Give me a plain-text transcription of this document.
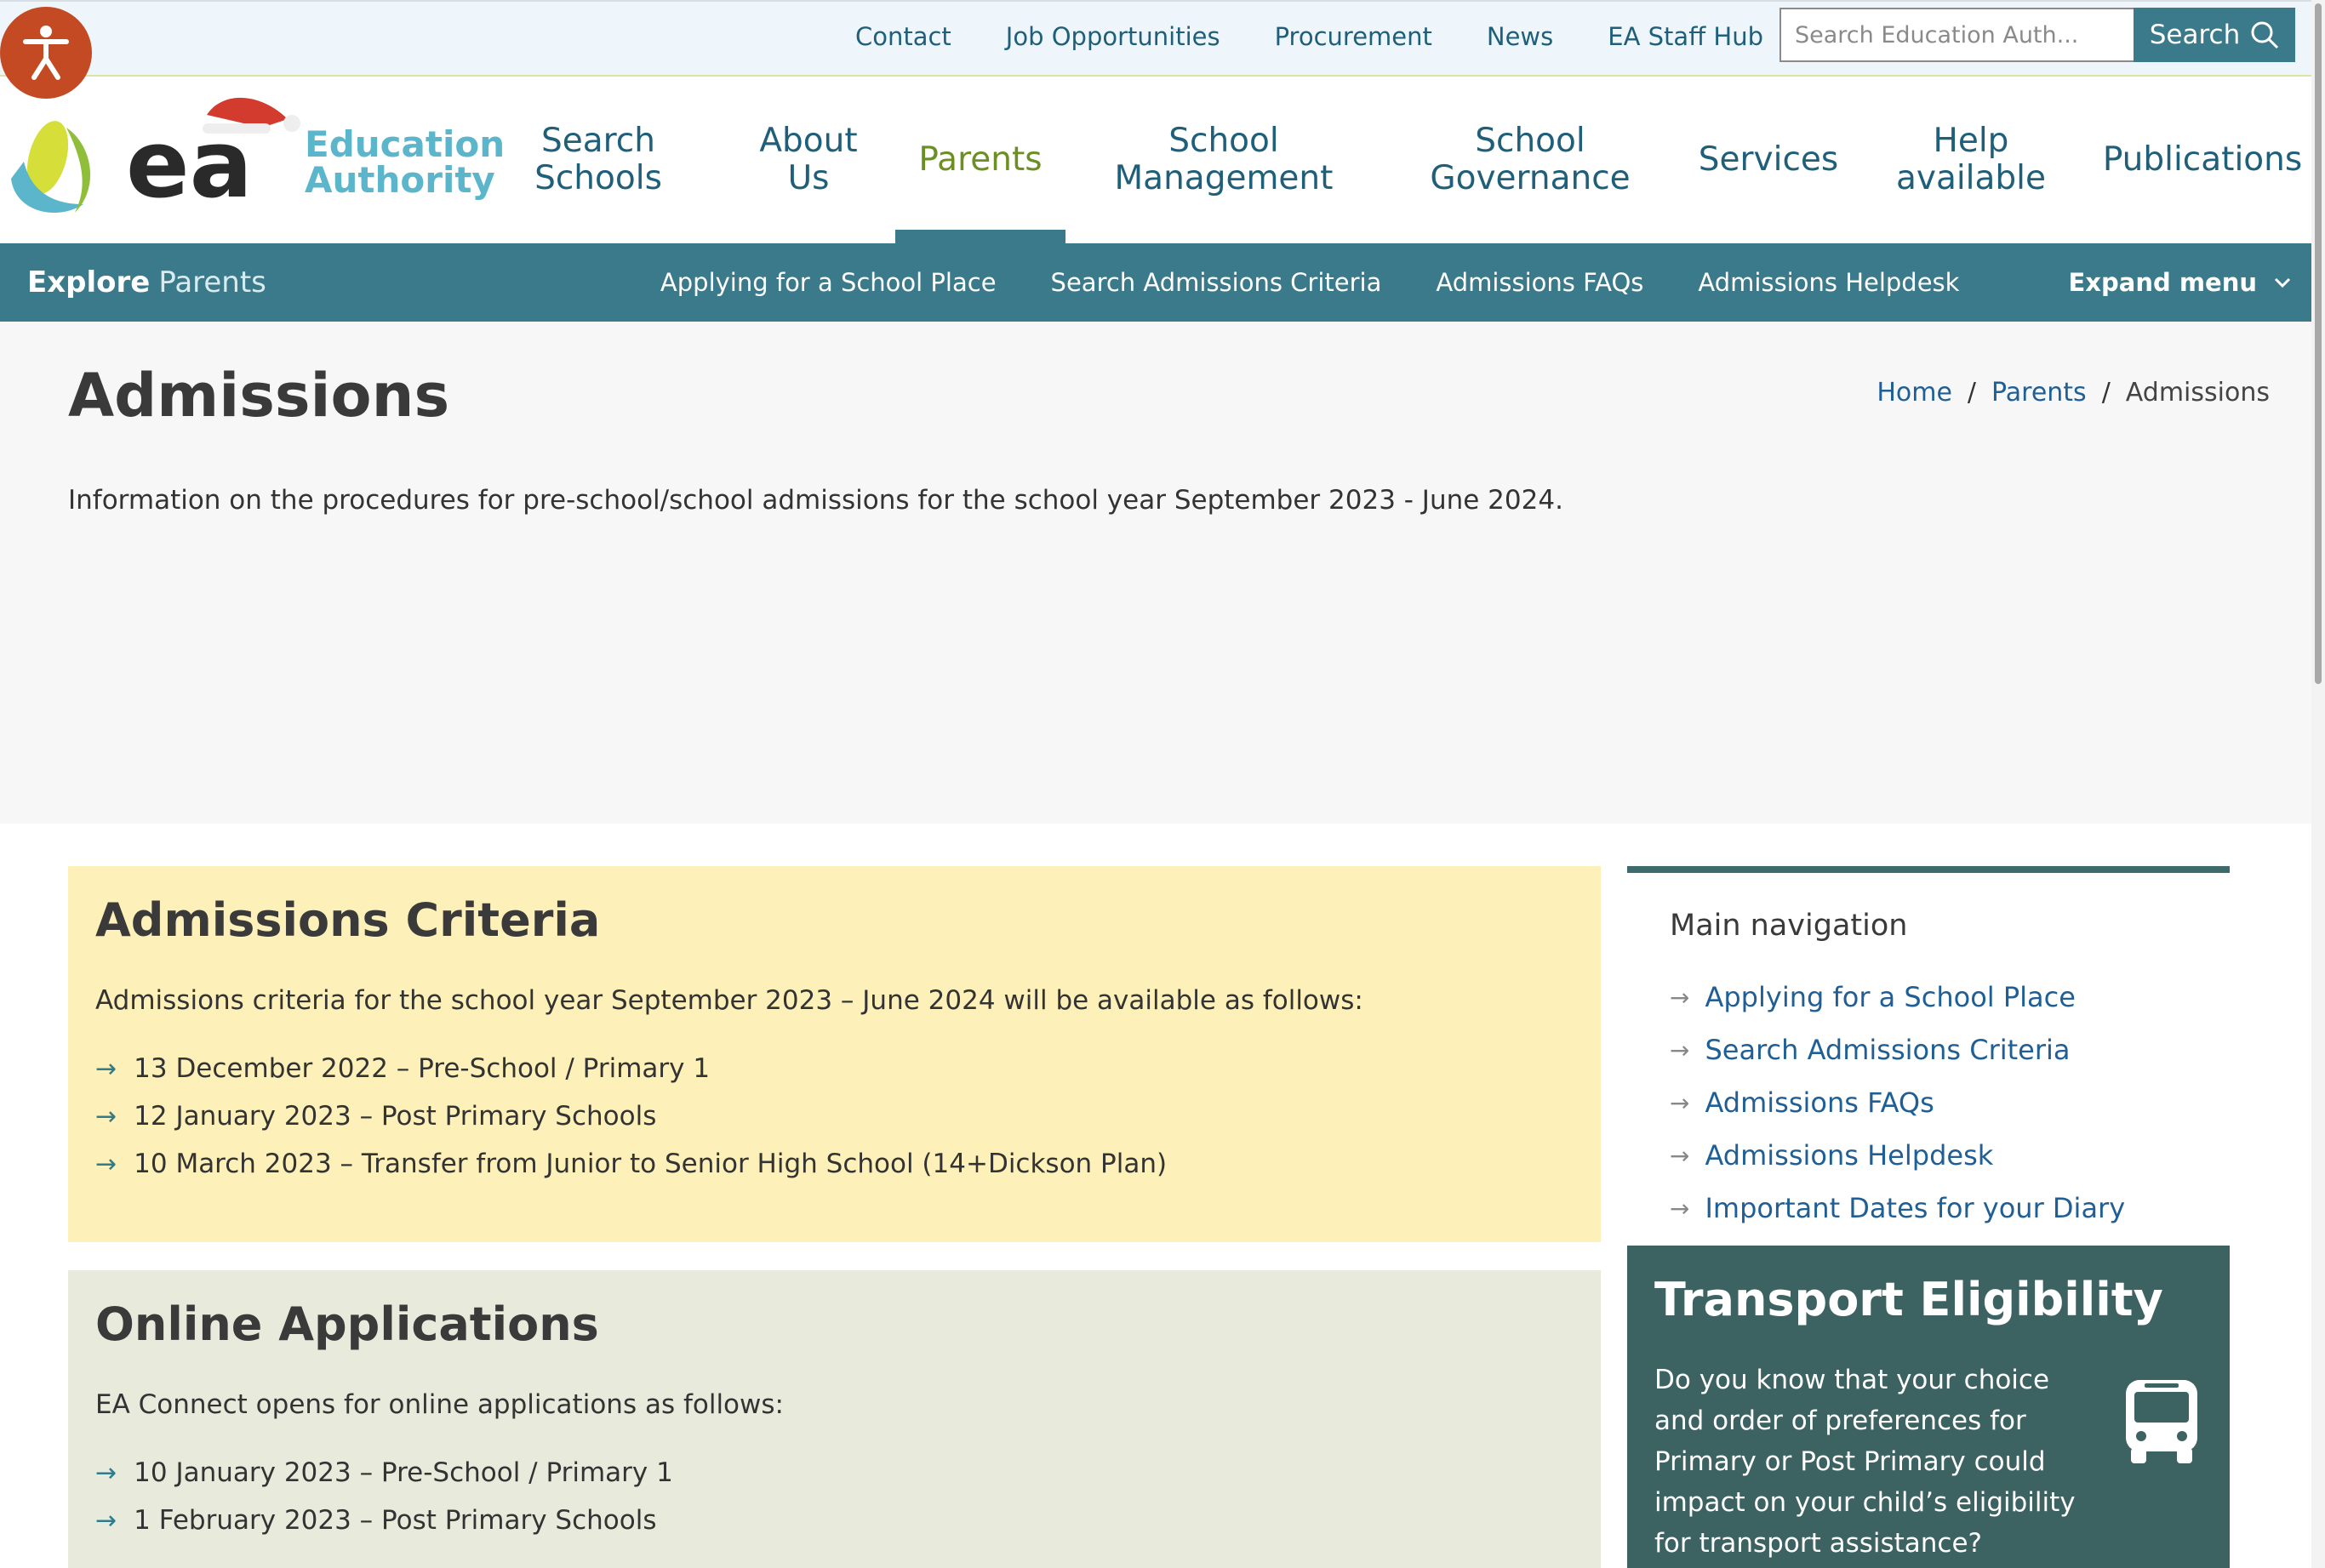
Contact Job Opportunities Procurement News EA Staff Hub
Search Education Auth...	Search
ea Education
Authority
Search
Schools
About
Us	Parents	School
Management
School
Governance Services	Help
available Publications
Explore Parents	Applying for a School Place Search Admissions Criteria Admissions FAQs Admissions Helpdesk	Expand menu
Admissions	Home / Parents / Admissions

Information on the procedures for pre-school/school admissions for the school year September 2023 - June 2024.

Admissions Criteria

Admissions criteria for the school year September 2023 – June 2024 will be available as follows:

→ 13 December 2022 – Pre-School / Primary 1
→ 12 January 2023 – Post Primary Schools
→ 10 March 2023 – Transfer from Junior to Senior High School (14+Dickson Plan)
Online Applications

EA Connect opens for online applications as follows:

→ 10 January 2023 – Pre-School / Primary 1
→ 1 February 2023 – Post Primary Schools
Main navigation
→ Applying for a School Place
→ Search Admissions Criteria
→ Admissions FAQs
→ Admissions Helpdesk
→ Important Dates for your Diary
Transport Eligibility

Do you know that your choice and order of preferences for Primary or Post Primary could impact on your child’s eligibility for transport assistance?
